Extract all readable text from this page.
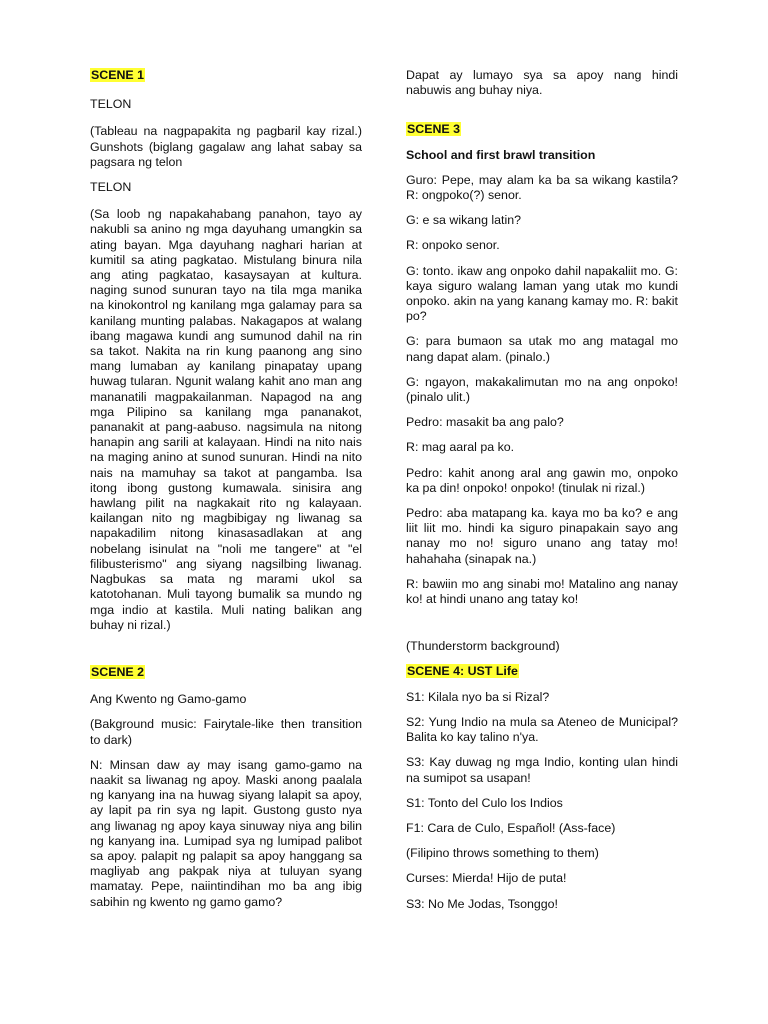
SCENE 1

TELON

(Tableau na nagpapakita ng pagbaril kay rizal.) Gunshots (biglang gagalaw ang lahat sabay sa pagsara ng telon

TELON

(Sa loob ng napakahabang panahon, tayo ay nakubli sa anino ng mga dayuhang umangkin sa ating bayan. Mga dayuhang naghari harian at kumitil sa ating pagkatao. Mistulang binura nila ang ating pagkatao, kasaysayan at kultura. naging sunod sunuran tayo na tila mga manika na kinokontrol ng kanilang mga galamay para sa kanilang munting palabas. Nakagapos at walang ibang magawa kundi ang sumunod dahil na rin sa takot. Nakita na rin kung paanong ang sino mang lumaban ay kanilang pinapatay upang huwag tularan. Ngunit walang kahit ano man ang mananatili magpakailanman. Napagod na ang mga Pilipino sa kanilang mga pananakot, pananakit at pang-aabuso. nagsimula na nitong hanapin ang sarili at kalayaan. Hindi na nito nais na maging anino at sunod sunuran. Hindi na nito nais na mamuhay sa takot at pangamba. Isa itong ibong gustong kumawala. sinisira ang hawlang pilit na nagkakait rito ng kalayaan. kailangan nito ng magbibigay ng liwanag sa napakadilim nitong kinasasadlakan at ang nobelang isinulat na "noli me tangere" at "el filibusterismo" ang siyang nagsilbing liwanag. Nagbukas sa mata ng marami ukol sa katotohanan. Muli tayong bumalik sa mundo ng mga indio at kastila. Muli nating balikan ang buhay ni rizal.)

SCENE 2

Ang Kwento ng Gamo-gamo

(Bakground music: Fairytale-like then transition to dark)

N: Minsan daw ay may isang gamo-gamo na naakit sa liwanag ng apoy. Maski anong paalala ng kanyang ina na huwag siyang lalapit sa apoy, ay lapit pa rin sya ng lapit. Gustong gusto nya ang liwanag ng apoy kaya sinuway niya ang bilin ng kanyang ina. Lumipad sya ng lumipad palibot sa apoy. palapit ng palapit sa apoy hanggang sa magliyab ang pakpak niya at tuluyan syang mamatay. Pepe, naiintindihan mo ba ang ibig sabihin ng kwento ng gamo gamo?

Dapat ay lumayo sya sa apoy nang hindi nabuwis ang buhay niya.

SCENE 3

School and first brawl transition

Guro: Pepe, may alam ka ba sa wikang kastila? R: ongpoko(?) senor.

G: e sa wikang latin?

R: onpoko senor.

G: tonto. ikaw ang onpoko dahil napakaliit mo. G: kaya siguro walang laman yang utak mo kundi onpoko. akin na yang kanang kamay mo. R: bakit po?

G: para bumaon sa utak mo ang matagal mo nang dapat alam. (pinalo.)

G: ngayon, makakalimutan mo na ang onpoko! (pinalo ulit.)

Pedro: masakit ba ang palo?

R: mag aaral pa ko.

Pedro: kahit anong aral ang gawin mo, onpoko ka pa din! onpoko! onpoko! (tinulak ni rizal.)

Pedro: aba matapang ka. kaya mo ba ko? e ang liit liit mo. hindi ka siguro pinapakain sayo ang nanay mo no! siguro unano ang tatay mo! hahahaha (sinapak na.)

R: bawiin mo ang sinabi mo! Matalino ang nanay ko! at hindi unano ang tatay ko!

(Thunderstorm background)

SCENE 4: UST Life

S1: Kilala nyo ba si Rizal?

S2: Yung Indio na mula sa Ateneo de Municipal? Balita ko kay talino n'ya.

S3: Kay duwag ng mga Indio, konting ulan hindi na sumipot sa usapan!

S1: Tonto del Culo los Indios

F1: Cara de Culo, Español! (Ass-face)

(Filipino throws something to them)

Curses: Mierda! Hijo de puta!

S3: No Me Jodas, Tsonggo!
